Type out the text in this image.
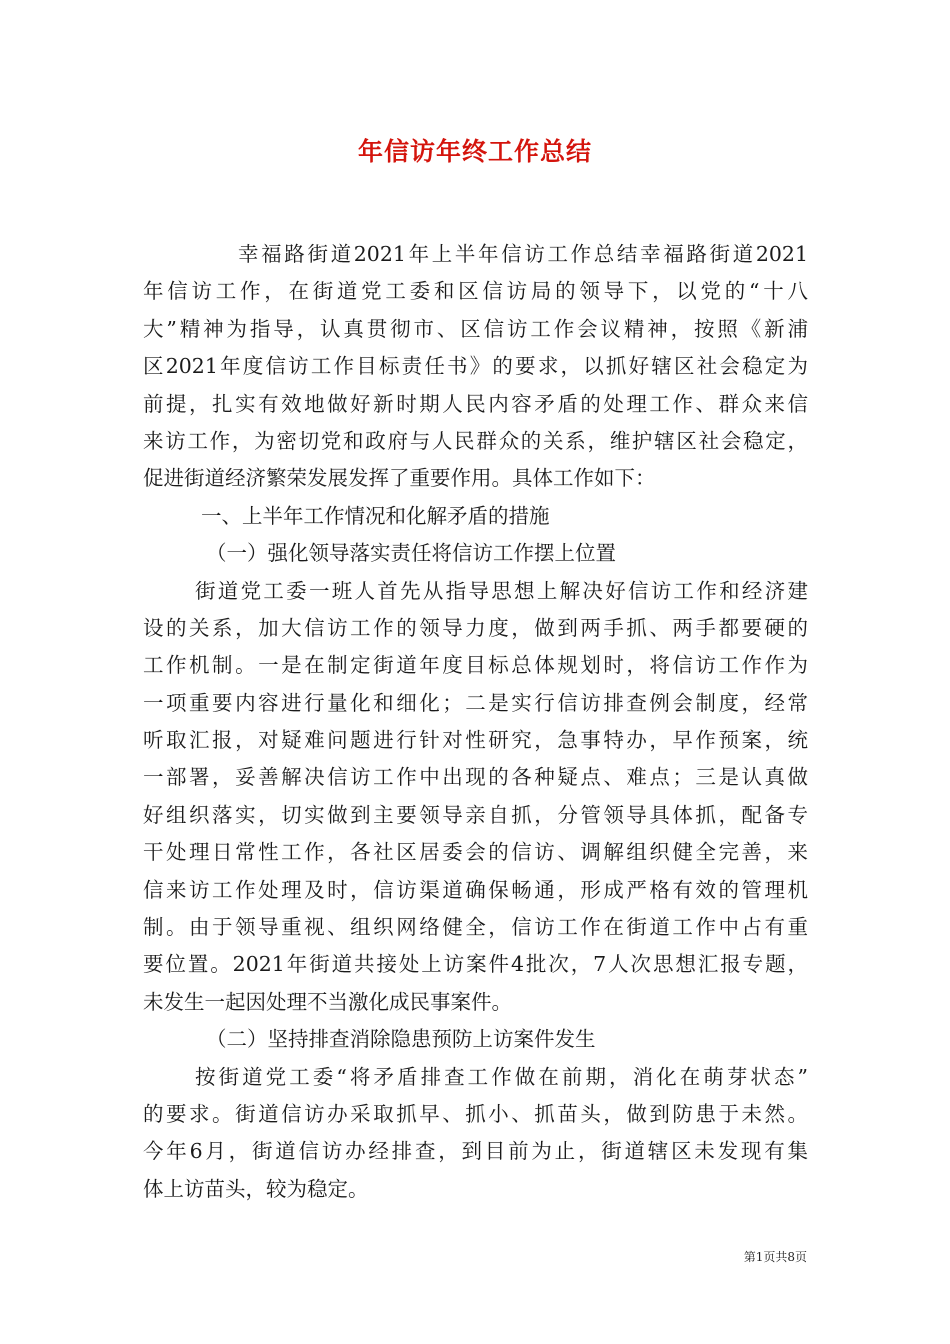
年信访年终工作总结
幸福路街道2021年上半年信访工作总结幸福路街道2021
年信访工作，在街道党工委和区信访局的领导下，以党的“十八
大”精神为指导，认真贯彻市、区信访工作会议精神，按照《新浦
区2021年度信访工作目标责任书》的要求，以抓好辖区社会稳定为
前提，扎实有效地做好新时期人民内容矛盾的处理工作、群众来信
来访工作，为密切党和政府与人民群众的关系，维护辖区社会稳定，
促进街道经济繁荣发展发挥了重要作用。具体工作如下：
一、上半年工作情况和化解矛盾的措施
（一）强化领导落实责任将信访工作摆上位置
街道党工委一班人首先从指导思想上解决好信访工作和经济建
设的关系，加大信访工作的领导力度，做到两手抓、两手都要硬的
工作机制。一是在制定街道年度目标总体规划时，将信访工作作为
一项重要内容进行量化和细化；二是实行信访排查例会制度，经常
听取汇报，对疑难问题进行针对性研究，急事特办，早作预案，统
一部署，妥善解决信访工作中出现的各种疑点、难点；三是认真做
好组织落实，切实做到主要领导亲自抓，分管领导具体抓，配备专
干处理日常性工作，各社区居委会的信访、调解组织健全完善，来
信来访工作处理及时，信访渠道确保畅通，形成严格有效的管理机
制。由于领导重视、组织网络健全，信访工作在街道工作中占有重
要位置。2021年街道共接处上访案件4批次，7人次思想汇报专题，
未发生一起因处理不当激化成民事案件。
（二）坚持排查消除隐患预防上访案件发生
按街道党工委“将矛盾排查工作做在前期，消化在萌芽状态”
的要求。街道信访办采取抓早、抓小、抓苗头，做到防患于未然。
今年6月，街道信访办经排查，到目前为止，街道辖区未发现有集
体上访苗头，较为稳定。
第1页共8页
